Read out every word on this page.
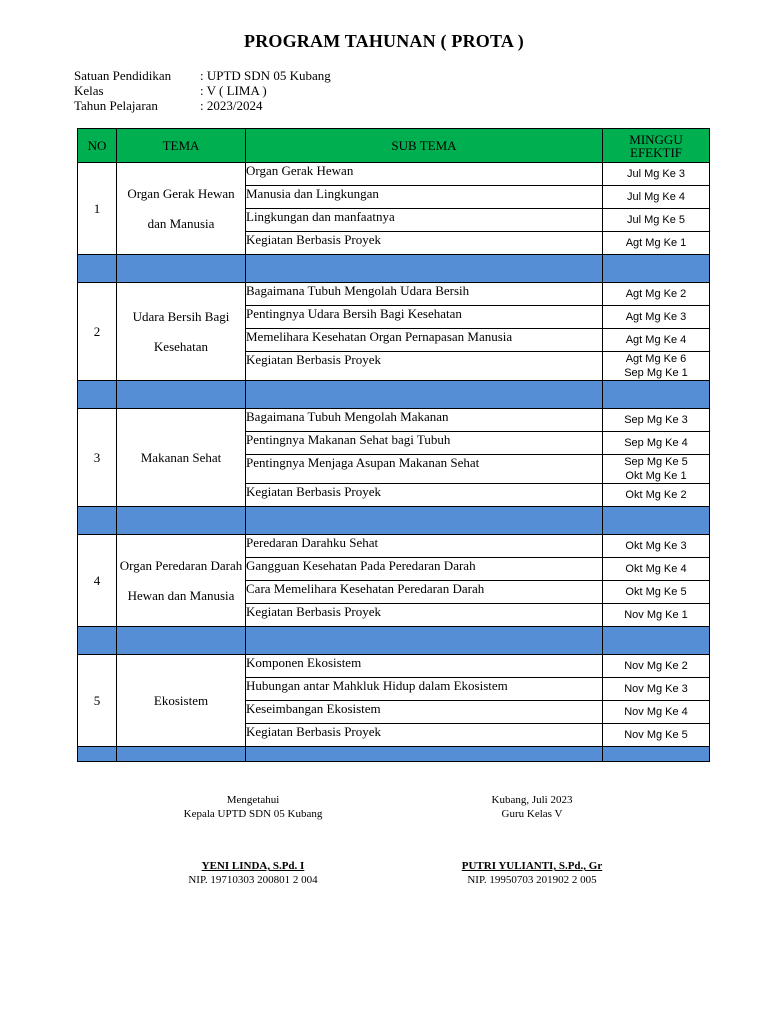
PROGRAM TAHUNAN ( PROTA )
Satuan Pendidikan : UPTD SDN 05 Kubang
Kelas	: V ( LIMA )
Tahun Pelajaran	: 2023/2024
NO	TEMA	SUB TEMA	MINGGU EFEKTIF
1	Organ Gerak Hewan dan Manusia	Organ Gerak Hewan	Jul Mg Ke 3

		Manusia dan Lingkungan	Jul Mg Ke 4

		Lingkungan dan manfaatnya	Jul Mg Ke 5

		Kegiatan Berbasis Proyek	Agt Mg Ke 1

2	Udara Bersih Bagi Kesehatan	Bagaimana Tubuh Mengolah Udara Bersih	Agt Mg Ke 2

		Pentingnya Udara Bersih Bagi Kesehatan	Agt Mg Ke 3

		Memelihara Kesehatan Organ Pernapasan Manusia	Agt Mg Ke 4

		Kegiatan Berbasis Proyek	Agt Mg Ke 6
Sep Mg Ke 1

3	Makanan Sehat	Bagaimana Tubuh Mengolah Makanan	Sep Mg Ke 3

		Pentingnya Makanan Sehat bagi Tubuh	Sep Mg Ke 4

		Pentingnya Menjaga Asupan Makanan Sehat	Sep Mg Ke 5
Okt Mg Ke 1

		Kegiatan Berbasis Proyek	Okt Mg Ke 2

4	Organ Peredaran Darah Hewan dan Manusia	Peredaran Darahku Sehat	Okt Mg Ke 3

		Gangguan Kesehatan Pada Peredaran Darah	Okt Mg Ke 4

		Cara Memelihara Kesehatan Peredaran Darah	Okt Mg Ke 5

		Kegiatan Berbasis Proyek	Nov Mg Ke 1

5	Ekosistem	Komponen Ekosistem	Nov Mg Ke 2

		Hubungan antar Mahkluk Hidup dalam Ekosistem	Nov Mg Ke 3

		Keseimbangan Ekosistem	Nov Mg Ke 4

		Kegiatan Berbasis Proyek	Nov Mg Ke 5

Mengetahui
Kepala UPTD SDN 05 Kubang
YENI LINDA, S.Pd. I
NIP. 19710303 200801 2 004
Kubang, Juli 2023
Guru Kelas V
PUTRI YULIANTI, S.Pd., Gr
NIP. 19950703 201902 2 005
